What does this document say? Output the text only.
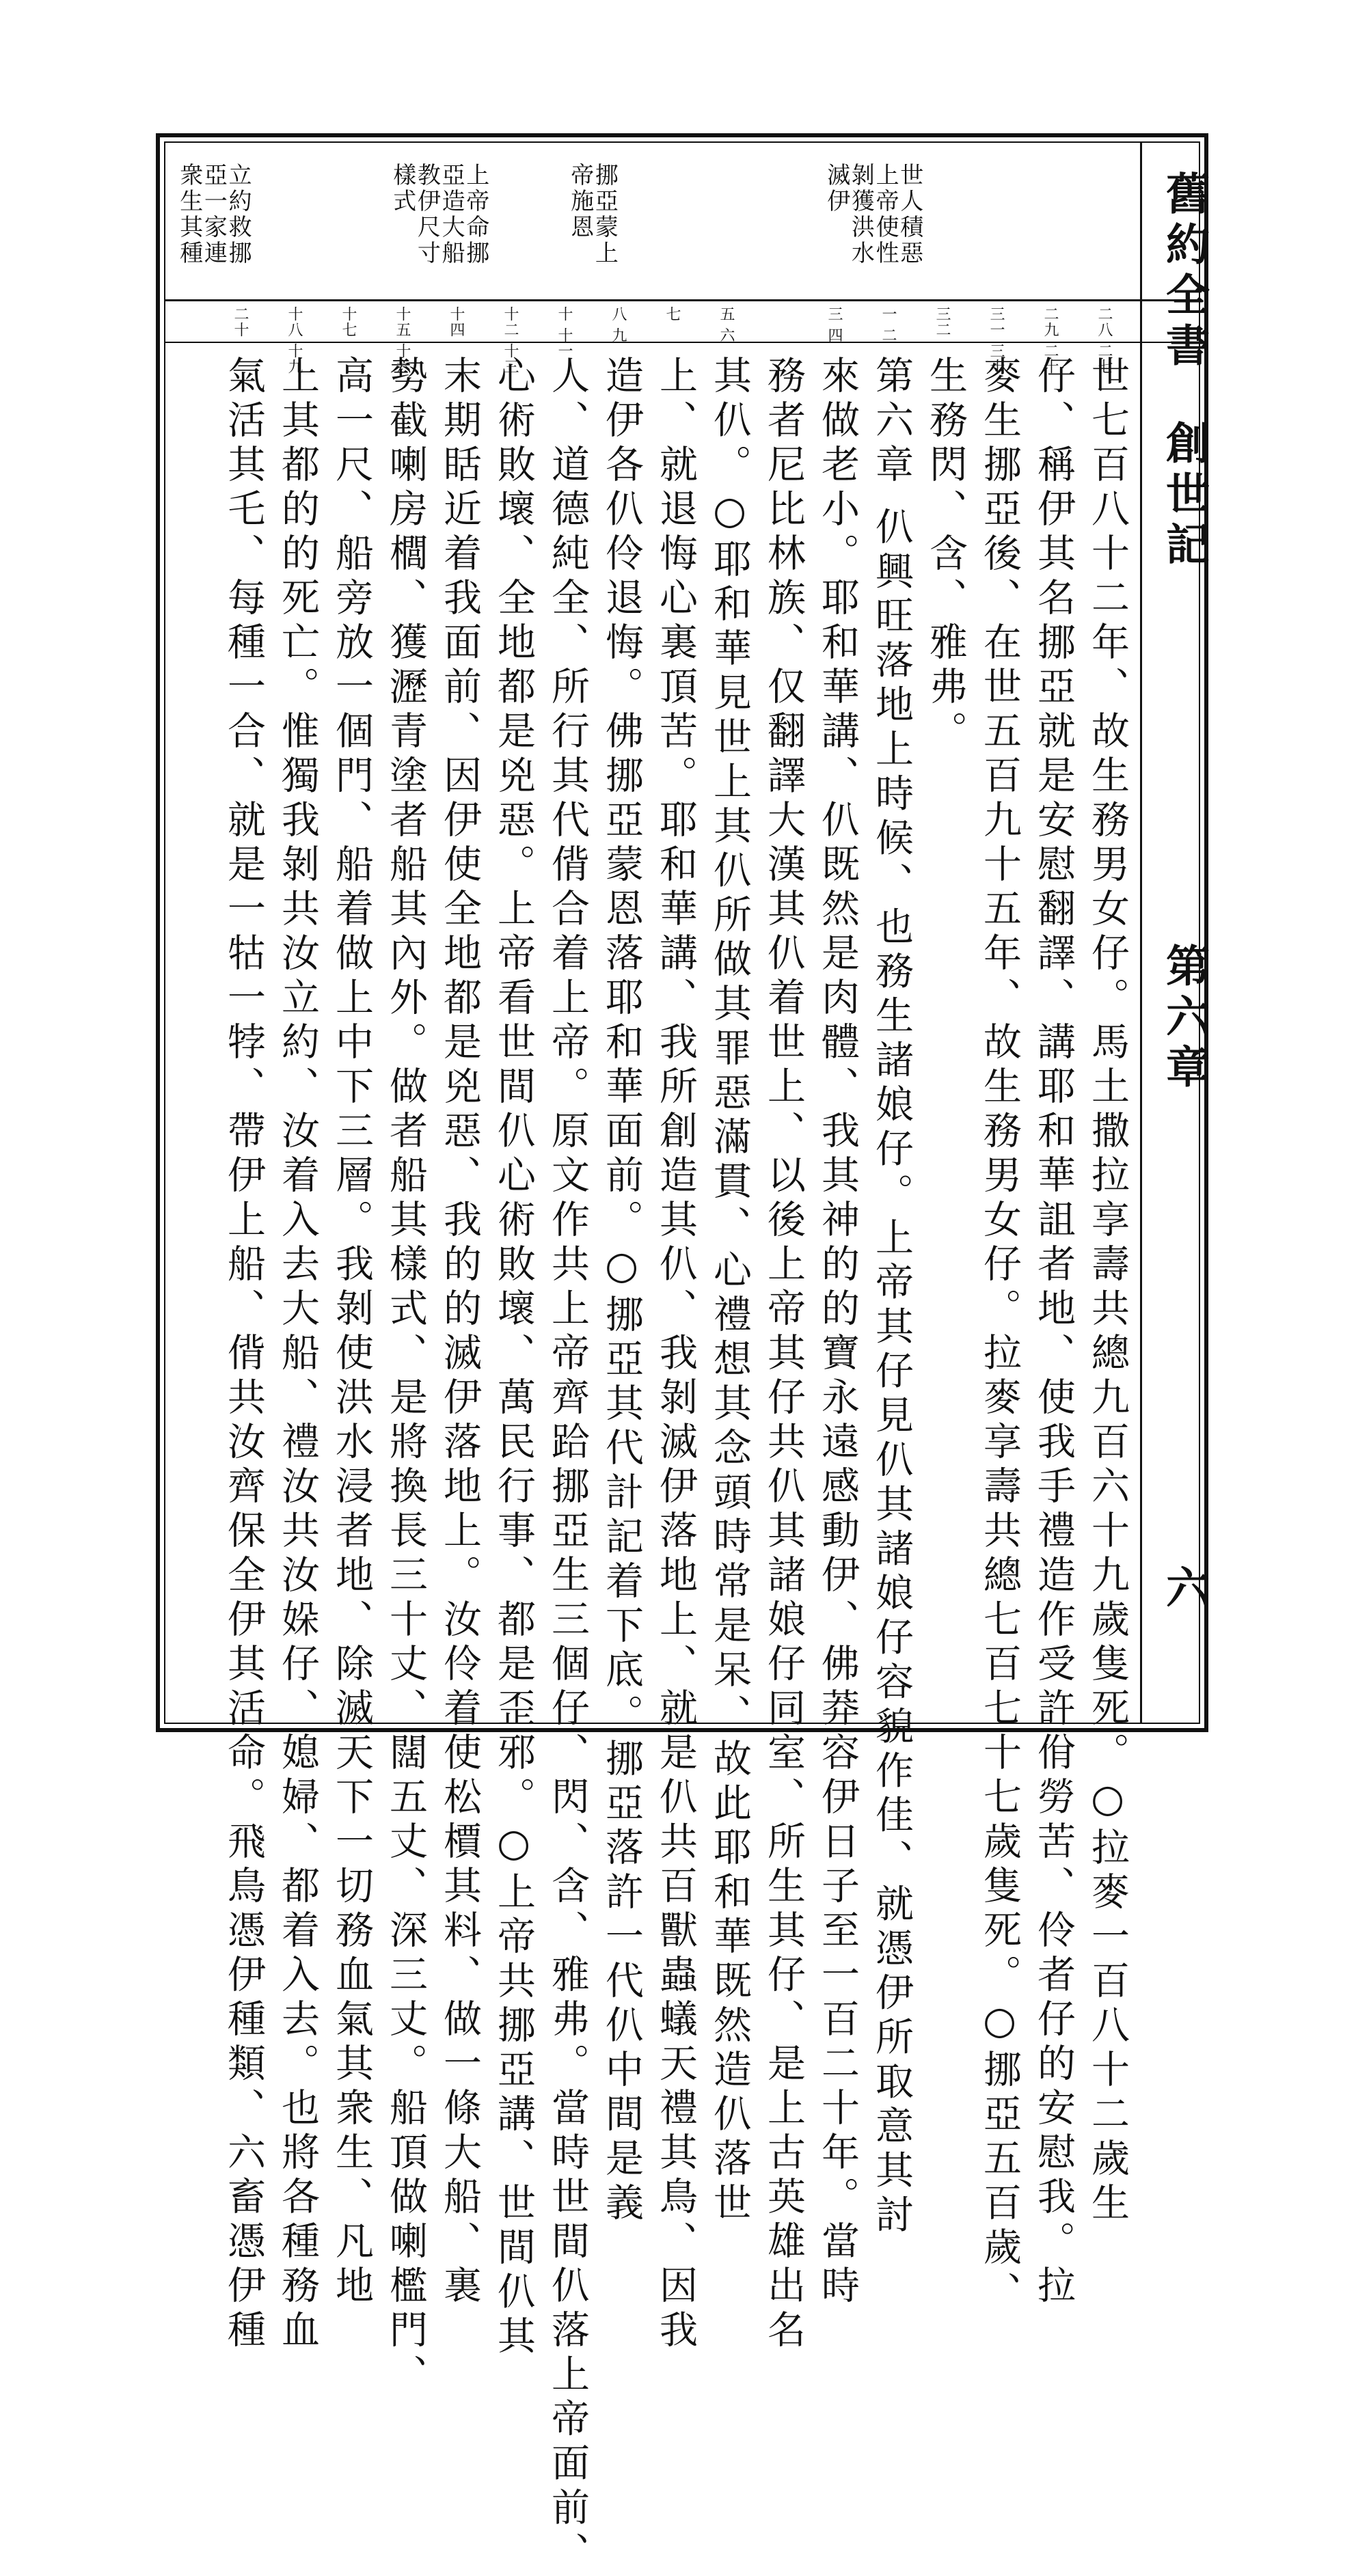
舊約全書
創世記
第六章
六
世人積惡
上帝使性
剝獲洪水
滅伊
挪亞蒙上
帝施恩
上帝命挪
亞造大船
教伊尺寸
樣式
立約救挪
亞一家連
衆生其種
二八 二七
世七百八十二年、故生務男女仔。馬土撒拉享壽共總九百六十九歲隻死。○拉麥一百八十二歲生
二九 二十
仔、稱伊其名挪亞就是安慰翻譯、講耶和華詛者地、使我手禮造作受許佾勞苦、伶者仔的安慰我。拉
三一 三十
麥生挪亞後、在世五百九十五年、故生務男女仔。拉麥享壽共總七百七十七歲隻死。○挪亞五百歲、
三二
生務閃、含、雅弗。
一 二
第六章 仈興旺落地上時候、也務生諸娘仔。上帝其仔見仈其諸娘仔容貌作佳、就憑伊所取意其討
三 四
來做老小。耶和華講、仈既然是肉體、我其神的的寶永遠感動伊、佛莽容伊日子至一百二十年。當時
務者尼比林族、仅翻譯大漢其仈着世上、以後上帝其仔共仈其諸娘仔同室、所生其仔、是上古英雄出名
五 六
其仈。○耶和華見世上其仈所做其罪惡滿貫、心禮想其念頭時常是呆、故此耶和華既然造仈落世
七
上、就退悔心裏頂苦。耶和華講、我所創造其仈、我剝滅伊落地上、就是仈共百獸蟲蟻天禮其鳥、因我
八 九
造伊各仈伶退悔。佛挪亞蒙恩落耶和華面前。○挪亞其代計記着下底。挪亞落許一代仈中間是義
十 十一
人、道德純全、所行其代偝合着上帝。原文作共上帝齊跲挪亞生三個仔、閃、含、雅弗。當時世間仈落上帝面前、
十二 十三
心術敗壞、全地都是兇惡。上帝看世間仈心術敗壞、萬民行事、都是歪邪。○上帝共挪亞講、世間仈其
十四
末期䀨近着我面前、因伊使全地都是兇惡、我的的滅伊落地上。汝伶着使松檟其料、做一條大船、裏
十五 十六
勢截喇房櫚、獲瀝青塗者船其內外。做者船其樣式、是將換長三十丈、闊五丈、深三丈。船頂做喇檻門、
十七
高一尺、船旁放一個門、船着做上中下三層。我剝使洪水浸者地、除滅天下一切務血氣其衆生、凡地
十八 十九
上其都的的死亡。惟獨我剝共汝立約、汝着入去大船、禮汝共汝㛊仔、媳婦、都着入去。也將各種務血
二十
氣活其乇、每種一合、就是一牯一㹀、帶伊上船、偝共汝齊保全伊其活命。飛鳥憑伊種類、六畜憑伊種
